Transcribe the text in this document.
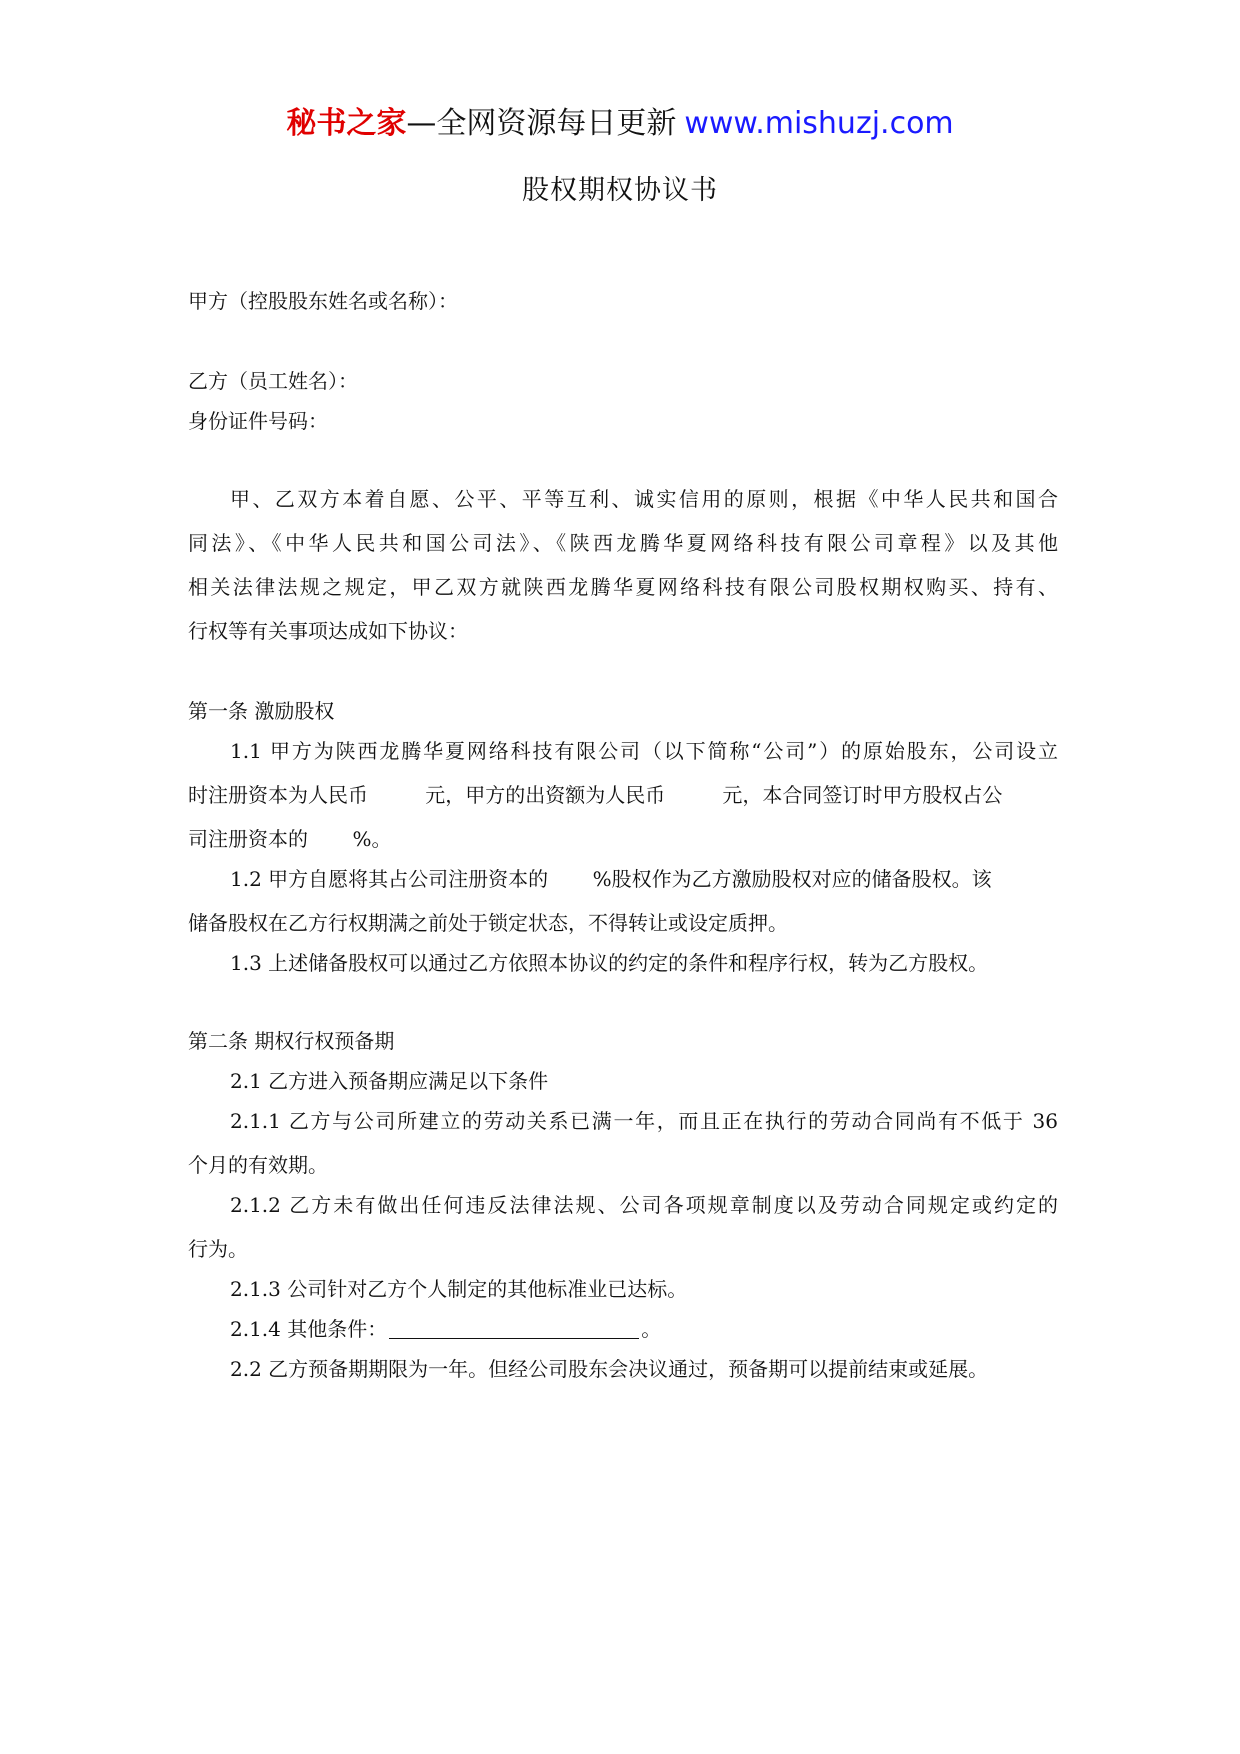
秘书之家—全网资源每日更新 www.mishuzj.com
股权期权协议书
甲方（控股股东姓名或名称）：
乙方（员工姓名）：
身份证件号码：
甲、乙双方本着自愿、公平、平等互利、诚实信用的原则，根据《中华人民共和国合
同法》、《中华人民共和国公司法》、《陕西龙腾华夏网络科技有限公司章程》以及其他
相关法律法规之规定，甲乙双方就陕西龙腾华夏网络科技有限公司股权期权购买、持有、
行权等有关事项达成如下协议：
第一条 激励股权
1.1 甲方为陕西龙腾华夏网络科技有限公司（以下简称“公司”）的原始股东，公司设立
时注册资本为人民币         元，甲方的出资额为人民币         元，本合同签订时甲方股权占公
司注册资本的       %。
1.2 甲方自愿将其占公司注册资本的       %股权作为乙方激励股权对应的储备股权。该
储备股权在乙方行权期满之前处于锁定状态，不得转让或设定质押。
1.3 上述储备股权可以通过乙方依照本协议的约定的条件和程序行权，转为乙方股权。
第二条 期权行权预备期
2.1 乙方进入预备期应满足以下条件
2.1.1 乙方与公司所建立的劳动关系已满一年，而且正在执行的劳动合同尚有不低于 36
个月的有效期。
2.1.2 乙方未有做出任何违反法律法规、公司各项规章制度以及劳动合同规定或约定的
行为。
2.1.3 公司针对乙方个人制定的其他标准业已达标。
2.1.4 其他条件：	。
2.2 乙方预备期期限为一年。但经公司股东会决议通过，预备期可以提前结束或延展。
